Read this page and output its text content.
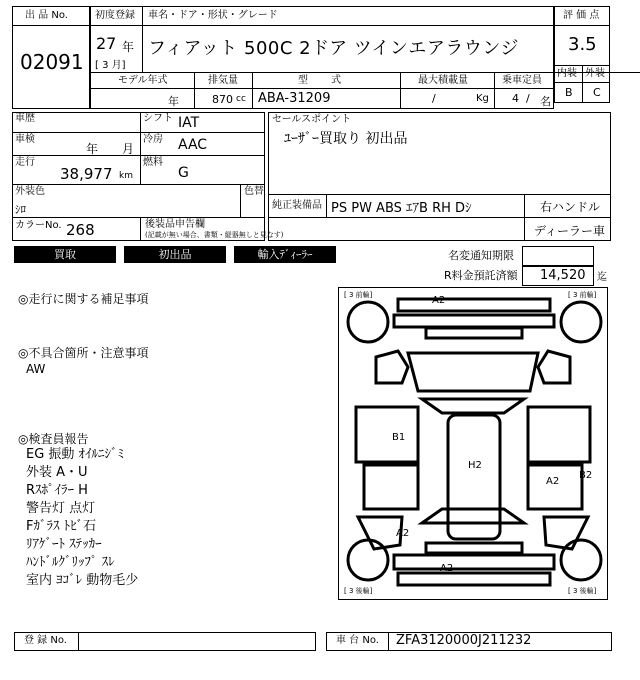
出 品 No.
02091
初度登録 車名・ドア・形状・グレード
27 年
[ 3 月]
フィアット 500C 2ドア ツインエアラウンジ
モデル年式	排気量	型 式	最大積載量	乗車定員
年	870 cc ABA-31209	/	Kg 4 / 名
評 価 点
3.5
内装 外装
B C
車歴	シフト IAT
車検
年 月
冷房 AAC
走行
38,977 km
燃料
G
外装色
ｼﾛ
色替
カラーNo. 268	後装品申告欄
(記載が無い場合、書類・縦器無しと見なす)
セールスポイント
ﾕｰｻﾞｰ買取り 初出品
純正装備品 PS PW ABS ｴｱB RH Dｼ	右ハンドル
ディーラー車
買取	初出品	輸入ﾃﾞｨｰﾗｰ	名変通知期限
R料金預託済額 14,520 迄
◎走行に関する補足事項
◎不具合箇所・注意事項
AW
◎検査員報告
EG 振動 ｵｲﾙﾆｼﾞﾐ
外装 A・U
Rｽﾎﾟｲﾗｰ H
警告灯 点灯
Fｶﾞﾗｽ ﾄﾋﾞ石
ﾘｱｹﾞｰﾄ ｽﾃｯｶｰ
ﾊﾝﾄﾞﾙｸﾞﾘｯﾌﾟ ｽﾚ
室内 ﾖｺﾞﾚ 動物毛少
[ 3 前輪]	[ 3 前輪]
[ 3 後輪]	[ 3 後輪]
A2
B1
H2
A2
B2
A2
A2
登 録 No.	車 台 No. ZFA3120000J211232
